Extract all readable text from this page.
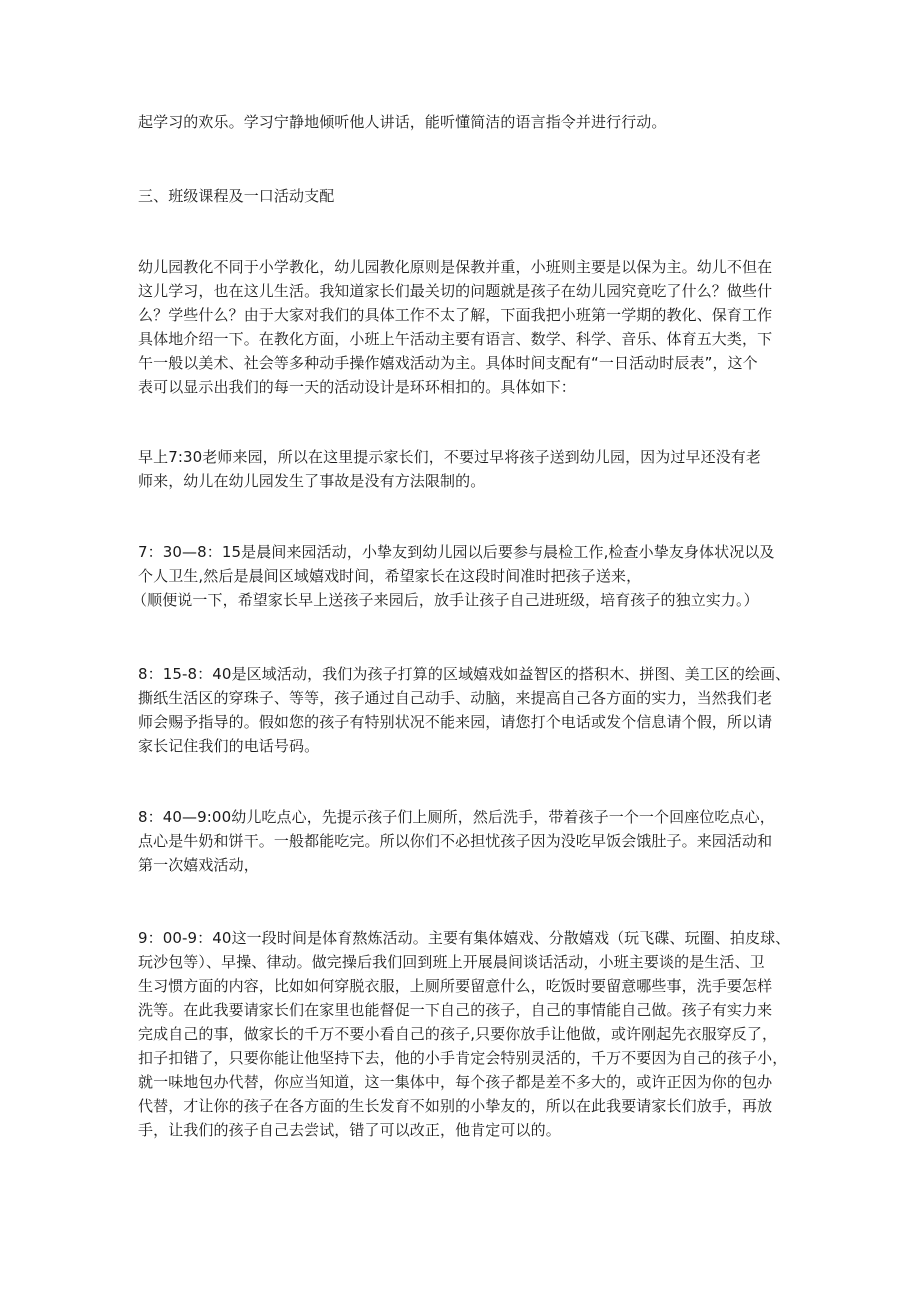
起学习的欢乐。学习宁静地倾听他人讲话，能听懂简洁的语言指令并进行行动。

三、班级课程及一口活动支配

幼儿园教化不同于小学教化，幼儿园教化原则是保教并重，小班则主要是以保为主。幼儿不但在
这儿学习，也在这儿生活。我知道家长们最关切的问题就是孩子在幼儿园究竟吃了什么？做些什
么？学些什么？由于大家对我们的具体工作不太了解，下面我把小班第一学期的教化、保育工作
具体地介绍一下。在教化方面，小班上午活动主要有语言、数学、科学、音乐、体育五大类，下
午一般以美术、社会等多种动手操作嬉戏活动为主。具体时间支配有“一日活动时辰表”，这个
表可以显示出我们的每一天的活动设计是环环相扣的。具体如下：

早上7:30老师来园，所以在这里提示家长们，不要过早将孩子送到幼儿园，因为过早还没有老
师来，幼儿在幼儿园发生了事故是没有方法限制的。

7：30—8：15是晨间来园活动，小挚友到幼儿园以后要参与晨检工作,检查小挚友身体状况以及
个人卫生,然后是晨间区域嬉戏时间，希望家长在这段时间准时把孩子送来，
（顺便说一下，希望家长早上送孩子来园后，放手让孩子自己进班级，培育孩子的独立实力。）

8：15-8：40是区域活动，我们为孩子打算的区域嬉戏如益智区的搭积木、拼图、美工区的绘画、
撕纸生活区的穿珠子、等等，孩子通过自己动手、动脑，来提高自己各方面的实力，当然我们老
师会赐予指导的。假如您的孩子有特别状况不能来园，请您打个电话或发个信息请个假，所以请
家长记住我们的电话号码。

8：40—9:00幼儿吃点心，先提示孩子们上厕所，然后洗手，带着孩子一个一个回座位吃点心，
点心是牛奶和饼干。一般都能吃完。所以你们不必担忧孩子因为没吃早饭会饿肚子。来园活动和
第一次嬉戏活动，

9：00-9：40这一段时间是体育熬炼活动。主要有集体嬉戏、分散嬉戏（玩飞碟、玩圈、拍皮球、
玩沙包等）、早操、律动。做完操后我们回到班上开展晨间谈话活动，小班主要谈的是生活、卫
生习惯方面的内容，比如如何穿脱衣服，上厕所要留意什么，吃饭时要留意哪些事，洗手要怎样
洗等。在此我要请家长们在家里也能督促一下自己的孩子，自己的事情能自己做。孩子有实力来
完成自己的事，做家长的千万不要小看自己的孩子,只要你放手让他做，或许刚起先衣服穿反了，
扣子扣错了，只要你能让他坚持下去，他的小手肯定会特别灵活的，千万不要因为自己的孩子小，
就一味地包办代替，你应当知道，这一集体中，每个孩子都是差不多大的，或许正因为你的包办
代替，才让你的孩子在各方面的生长发育不如别的小挚友的，所以在此我要请家长们放手，再放
手，让我们的孩子自己去尝试，错了可以改正，他肯定可以的。
